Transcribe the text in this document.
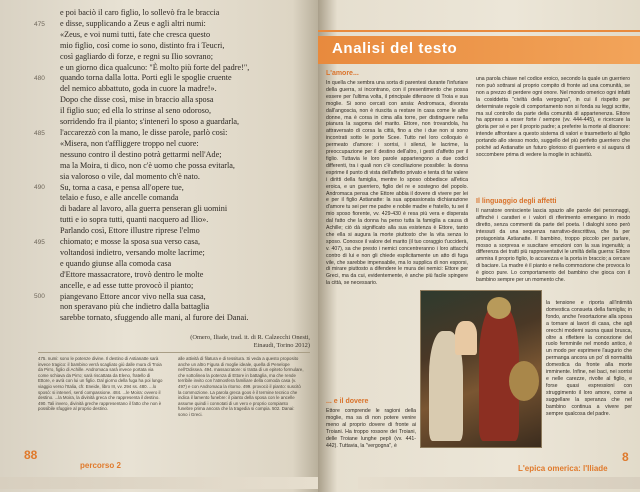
e poi baciò il caro figlio, lo sollevò fra le braccia
e disse, supplicando a Zeus e agli altri numi:
«Zeus, e voi numi tutti, fate che cresca questo
mio figlio, così come io sono, distinto fra i Teucri,
così gagliardo di forze, e regni su Ilio sovrano;
e un giorno dica qualcuno: "È molto più forte del padre!",
quando torna dalla lotta. Porti egli le spoglie cruente
del nemico abbattuto, goda in cuore la madre!».
Dopo che disse così, mise in braccio alla sposa
il figlio suo; ed ella lo strinse al seno odoroso,
sorridendo fra il pianto; s'intenerì lo sposo a guardarla,
l'accarezzò con la mano, le disse parole, parlò così:
«Misera, non t'affliggere troppo nel cuore:
nessuno contro il destino potrà gettarmi nell'Ade;
ma la Moira, ti dico, non c'è uomo che possa evitarla,
sia valoroso o vile, dal momento ch'è nato.
Su, torna a casa, e pensa all'opere tue,
telaio e fuso, e alle ancelle comanda
di badare al lavoro, alla guerra penseran gli uomini
tutti e io sopra tutti, quanti nacquero ad Ilio».
Parlando così, Ettore illustre riprese l'elmo
chiomato; e mosse la sposa sua verso casa,
voltandosi indietro, versando molte lacrime;
e quando giunse alla comoda casa
d'Ettore massacratore, trovò dentro le molte
ancelle, e ad esse tutte provocò il pianto;
piangevano Ettore ancor vivo nella sua casa,
non speravano più che indietro dalla battaglia
sarebbe tornato, sfuggendo alle mani, al furore dei Danai.
475
480
485
490
495
500
(Omero, Iliade, trad. it. di R. Calzecchi Onesti,
Einaudi, Torino 2012)
475. numi: sono le potenze divine. Il destino di Astianatte sarà invece tragico: il bambino verrà scagliato giù dalle mura di Troia da Pirro, figlio di Achille. Andromaca sarà invece portata via come schiava da Pirro; sarà riscattata da Eleno, fratello di Ettore, e avrà con lui un figlio. Dal giorno della fuga ha poi lungo viaggio verso l'Italia, cfr. Eneide, libro III, vv. 294 ss. 480. ...lo sposò: si intenerì, sentì compassione. 484. ...le Moira: ovvero il destino. ...la Moira, la divinità greca che rappresenta il destino. 490. Tali invero, divinità greche rappresentano il fatto che non è possibile sfuggire al proprio destino.
alle attività di filatura e di tessitura. Si veda a questo proposito anche un altro Figura di moglie ideale, quella di Penelope nell'Odissea. 494. massacratore: si tratta di un epiteto formulare, che sottolinea la potenza di Ettore in battaglia, ma che rende terribile invito con l'atmosfera familiare della comoda casa (v. 497) e con Andromaca la ritorno. 499. provocò il pianto: suscitò la commozione. La parola greca goos è il termine tecnico che indica il lamento funebre: il pianto della sposa con le ancelle assume quindi i connotati di un vero e proprio compianto funebre prima ancora che la tragedia si compia. 502. Danai: sono i Greci.
88
percorso 2
Analisi del testo
L'amore...
In quella che sembra una sorta di parentesi durante l'infuriare della guerra, si incontrano, con il presentimento che possa essere per l'ultima volta, il principale difensore di Troia e sua moglie. Si sono cercati con ansia: Andromaca, divorata dall'angoscia, non è riuscita a restare in casa come le altre donne, ma è corsa in cima alla torre, per distinguere nella pianura la sagoma del marito. Ettore, non trovandola, ha attraversato di corsa la città, fino a che i due non si sono incontrati sotto le porte Scee. Tutto nel loro colloquio è permeato d'amore: i sorrisi, i silenzi, le lacrime, la preoccupazione per il destino dell'altro, i gesti d'affetto per il figlio. Tuttavia le loro parole appartengono a due codici differenti, tra i quali non c'è conciliazione possibile: la donna esprime il punto di vista dell'affetto privato e tenta di far valere i diritti della famiglia, mentre lo sposo obbedisce all'etica eroica, e un guerriero, figlio del re e sostegno del popolo. Andromaca pensa che Ettore abbia il dovere di vivere per lei e per il figlio Astianatte: la sua appassionata dichiarazione d'amore tu sei per me padre e nobile madre e fratello, tu sei il mio sposo fiorente, vv. 429-430 è resa più vera e disperata dal fatto che la donna ha perso tutta la famiglia a causa di Achille; ciò dà significato alla sua esistenza è Ettore, tanto che ella si augura la morte piuttosto che la vita senza lo sposo. Conosce il valore del marito (il tuo coraggio t'ucciderà, v. 407), sa che presto i nemici concentreranno i loro attacchi contro di lui e non gli chiede esplicitamente un atto di fuga vile, che sarebbe impensabile, ma lo supplica di non esporsi, di mirare piuttosto a difendere le mura dei nemici: Ettore per Greci, ma da cui, evidentemente, è anche più facile spingere la città, se necessario.
... e il dovere
Ettore comprende le ragioni della moglie, ma sa di non potere venire meno al proprio dovere di fronte ai Troiani. Ha troppo rossore dei Troiani, delle Troiane lunghe pepli (vv. 441-442). Tuttavia, la "vergogna", è
una parola chiave nel codice eroico, secondo la quale un guerriero non può sottrarsi al proprio compito di fronte ad una comunità, se non a prezzo di perdere ogni onore. Nel mondo omerico ogni infatti la cosiddetta "civiltà della vergogna", in cui il rispetto per determinate regole di comportamento non si fonda su leggi scritte, ma sul controllo da parte della comunità di appartenenza. Ettore ha appreso a esser forte / sempre (vv. 444-445), e ricercare la gloria per sé e per il proprio padre; a preferire la morte al disonore: intende affrontare a questo sistema di valori e trasmetterlo al figlio portando allo stesso modo, suggello del più perfetto guerriero che poiché ad Astianatte un futuro glorioso di guerriero e si augura di soccombere prima di vedere la moglie in schiavitù.
Il linguaggio degli affetti
Il narratore onnisciente lascia spazio alle parole dei personaggi, affinché i caratteri e i valori di riferimento emergano in modo diretto, senza commenti da parte del poeta. I dialoghi sono però intessuti da una sequenza narrativo-descrittiva, che fa per protagonista Astianatte. Il bambino, troppo piccolo per parlare, mosso a sorpresa e suscitare emozioni con la sua ingenuità; a differenza dei tratti più rappresentativi le umiltà della guerra: Ettore ammira il proprio figlio, lo accarezza e la porta in braccio; a cercare di baciare. La madre è il pianto e nella commozione che provoca lo è gioco pure. Lo comportamento del bambino che gioca con il bambino sempre per un momento che.
la tensione e riporta all'intimità domestica consueta della famiglia; in fondo, anche l'esortazione alla sposa a tornare ai lavori di casa, che agli orecchi moderni suona quasi brusca, oltre a riflettere la concezione del ruolo femminile nel mondo antico, è un modo per esprimere l'augurio che permanga ancora un po' di normalità domestica da fronte alla morte imminente. Infine, nei baci, nei sorrisi e nelle carezze, rivolte al figlio, e forse quasi espressioni con struggimento il loro amore, come a suggellare la speranza che nel bambino continua a vivere per sempre qualcosa del padre.
L'epica omerica: l'Iliade
8
